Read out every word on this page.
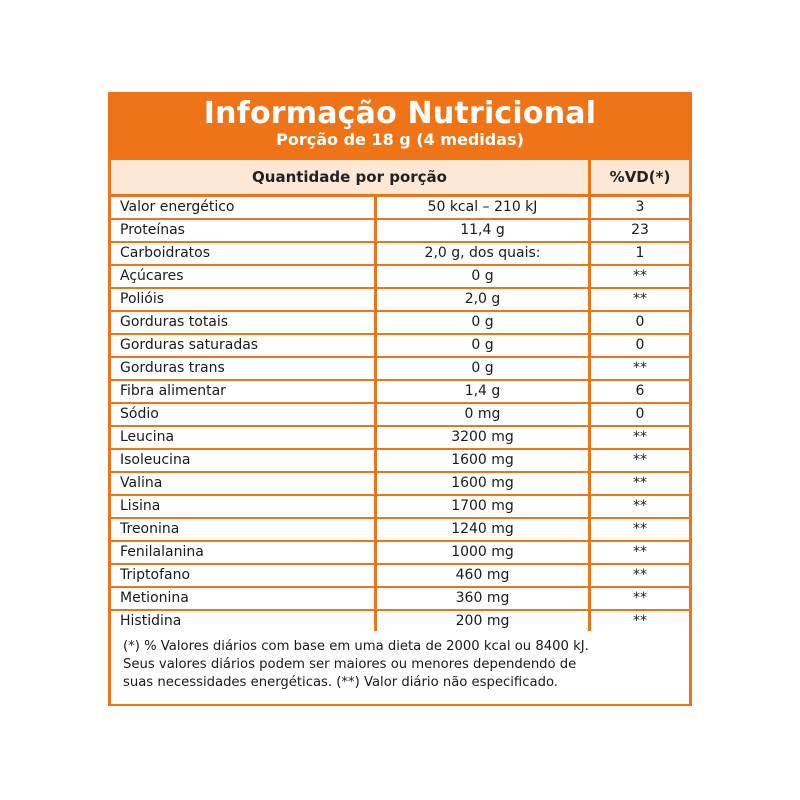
Informação Nutricional
Porção de 18 g (4 medidas)
Quantidade por porção	%VD(*)
Valor energético	50 kcal – 210 kJ	3
Proteínas	11,4 g	23
Carboidratos	2,0 g, dos quais:	1
Açúcares	0 g	**
Polióis	2,0 g	**
Gorduras totais	0 g	0
Gorduras saturadas	0 g	0
Gorduras trans	0 g	**
Fibra alimentar	1,4 g	6
Sódio	0 mg	0
Leucina	3200 mg	**
Isoleucina	1600 mg	**
Valina	1600 mg	**
Lisina	1700 mg	**
Treonina	1240 mg	**
Fenilalanina	1000 mg	**
Triptofano	460 mg	**
Metionina	360 mg	**
Histidina	200 mg	**
(*) % Valores diários com base em uma dieta de 2000 kcal ou 8400 kJ.
Seus valores diários podem ser maiores ou menores dependendo de
suas necessidades energéticas. (**) Valor diário não especificado.
